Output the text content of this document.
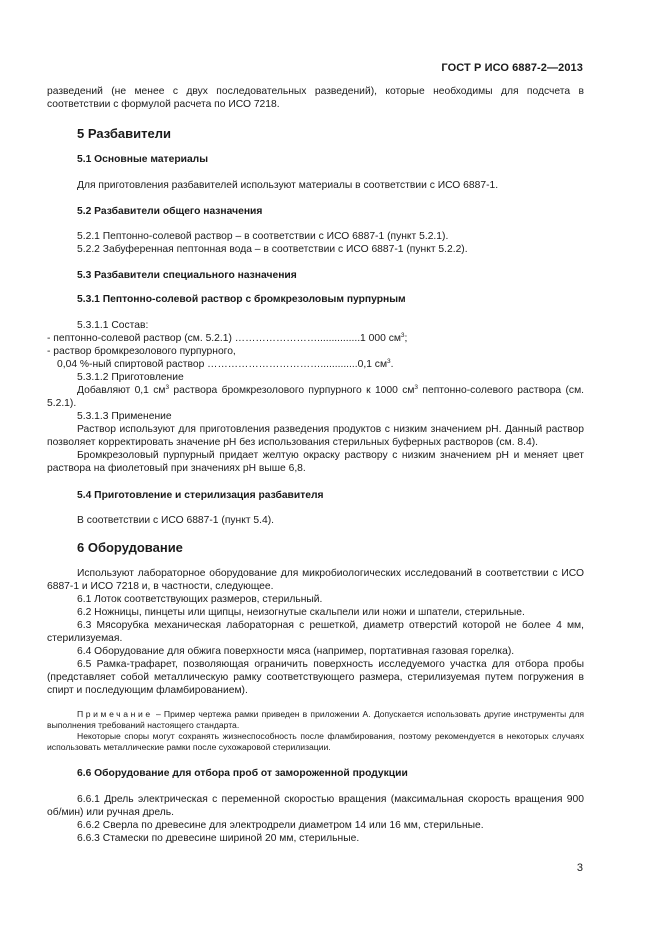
ГОСТ Р ИСО 6887-2—2013

разведений (не менее с двух последовательных разведений), которые необходимы для подсчета в соответствии с формулой расчета по ИСО 7218.

5 Разбавители

5.1 Основные материалы

Для приготовления разбавителей используют материалы в соответствии с ИСО 6887-1.

5.2 Разбавители общего назначения

5.2.1 Пептонно-солевой раствор – в соответствии с ИСО 6887-1 (пункт 5.2.1).

5.2.2 Забуференная пептонная вода – в соответствии с ИСО 6887-1 (пункт 5.2.2).

5.3 Разбавители специального назначения

5.3.1 Пептонно-солевой раствор с бромкрезоловым пурпурным

5.3.1.1 Состав:

- пептонно-солевой раствор (см. 5.2.1) ……………………...............1 000 $см^3$;

- раствор бромкрезолового пурпурного,

0,04 %-ный спиртовой раствор …………………………….............0,1 $см^3$.

5.3.1.2 Приготовление

Добавляют 0,1 $см^3$ раствора бромкрезолового пурпурного к 1000 $см^3$ пептонно-солевого раствора (см. 5.2.1).

5.3.1.3 Применение

Раствор используют для приготовления разведения продуктов с низким значением pH. Данный раствор позволяет корректировать значение pH без использования стерильных буферных растворов (см. 8.4).

Бромкрезоловый пурпурный придает желтую окраску раствору с низким значением pH и меняет цвет раствора на фиолетовый при значениях pH выше 6,8.

5.4 Приготовление и стерилизация разбавителя

В соответствии с ИСО 6887-1 (пункт 5.4).

6 Оборудование

Используют лабораторное оборудование для микробиологических исследований в соответствии с ИСО 6887-1 и ИСО 7218 и, в частности, следующее.

6.1 Лоток соответствующих размеров, стерильный.

6.2 Ножницы, пинцеты или щипцы, неизогнутые скальпели или ножи и шпатели, стерильные.

6.3 Мясорубка механическая лабораторная с решеткой, диаметр отверстий которой не более 4 мм, стерилизуемая.

6.4 Оборудование для обжига поверхности мяса (например, портативная газовая горелка).

6.5 Рамка-трафарет, позволяющая ограничить поверхность исследуемого участка для отбора пробы (представляет собой металлическую рамку соответствующего размера, стерилизуемая путем погружения в спирт и последующим фламбированием).

Примечание – Пример чертежа рамки приведен в приложении А. Допускается использовать другие инструменты для выполнения требований настоящего стандарта.

Некоторые споры могут сохранять жизнеспособность после фламбирования, поэтому рекомендуется в некоторых случаях использовать металлические рамки после сухожаровой стерилизации.

6.6 Оборудование для отбора проб от замороженной продукции

6.6.1 Дрель электрическая с переменной скоростью вращения (максимальная скорость вращения 900 об/мин) или ручная дрель.

6.6.2 Сверла по древесине для электродрели диаметром 14 или 16 мм, стерильные.

6.6.3 Стамески по древесине шириной 20 мм, стерильные.

3
